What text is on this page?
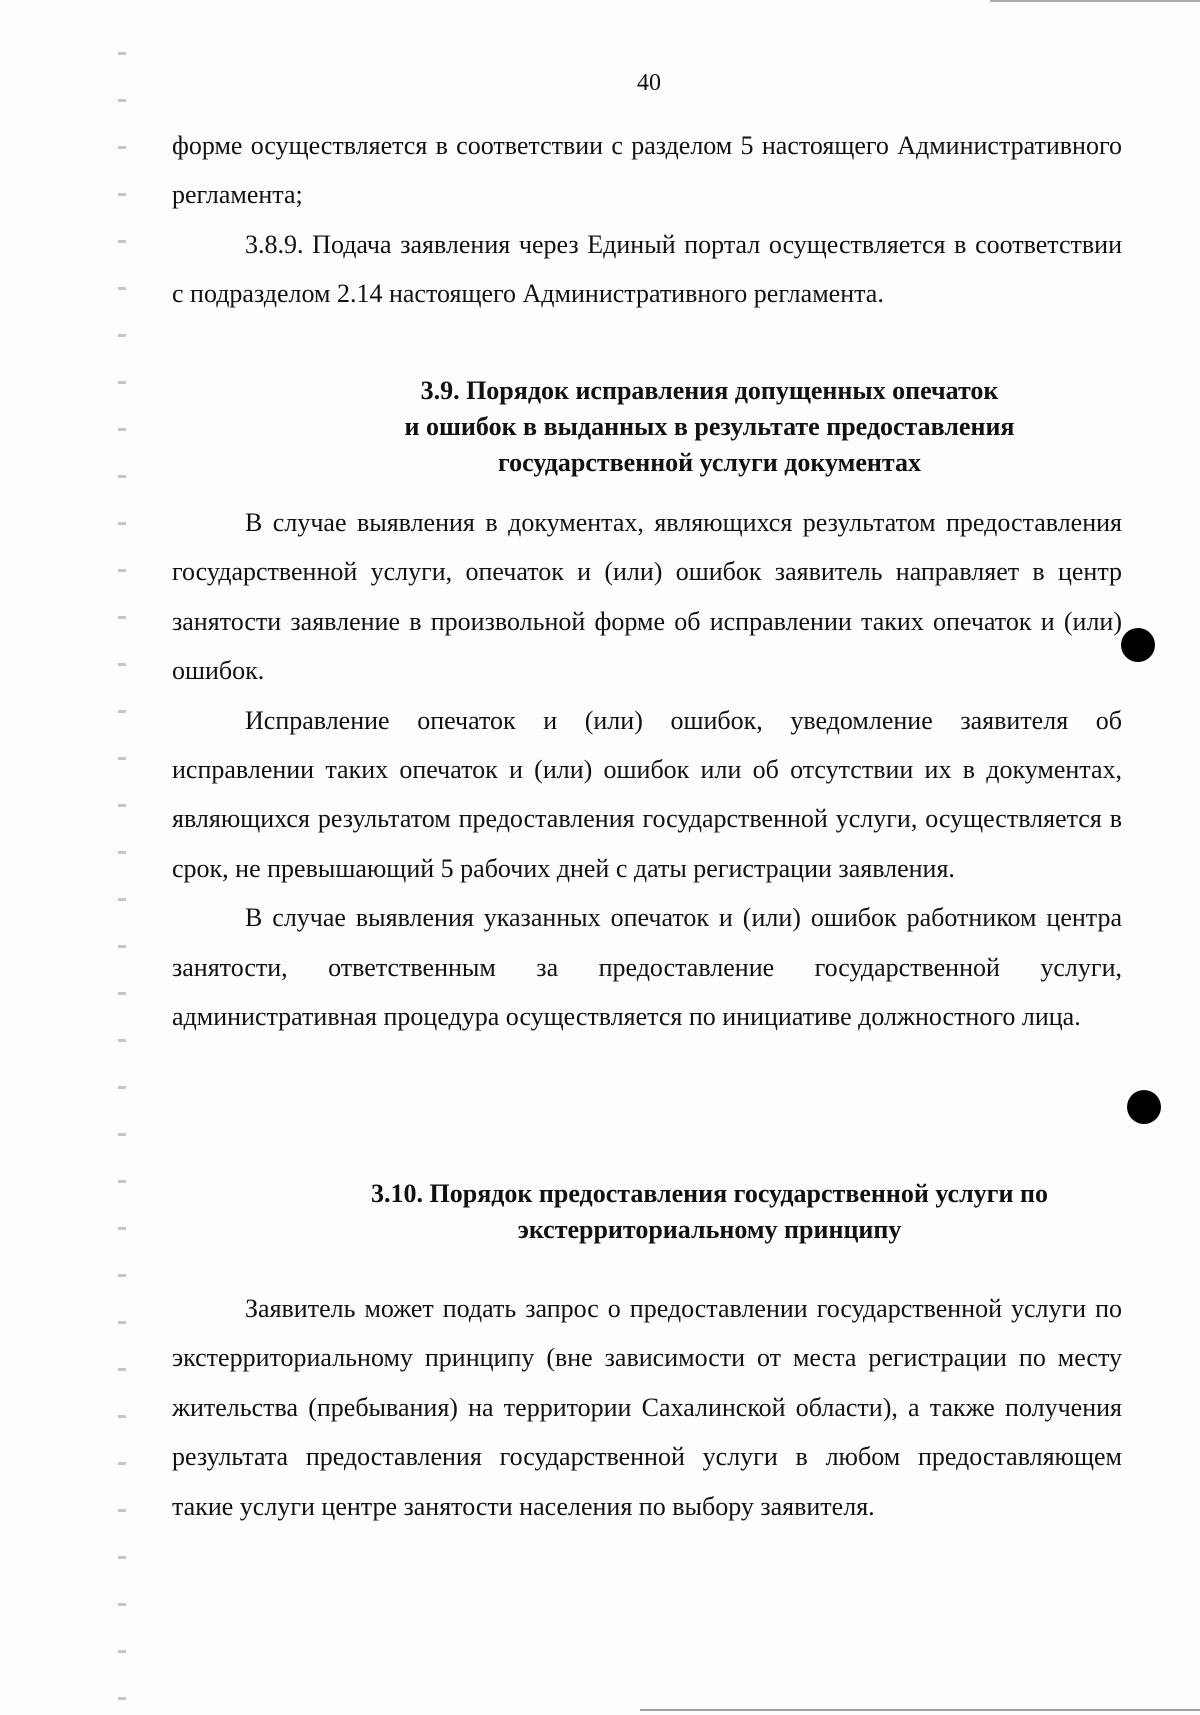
40

форме осуществляется в соответствии с разделом 5 настоящего Административного регламента;

3.8.9. Подача заявления через Единый портал осуществляется в соответствии с подразделом 2.14 настоящего Административного регламента.

3.9. Порядок исправления допущенных опечаток

и ошибок в выданных в результате предоставления

государственной услуги документах

В случае выявления в документах, являющихся результатом предоставления государственной услуги, опечаток и (или) ошибок заявитель направляет в центр занятости заявление в произвольной форме об исправлении таких опечаток и (или) ошибок.

Исправление опечаток и (или) ошибок, уведомление заявителя об исправлении таких опечаток и (или) ошибок или об отсутствии их в документах, являющихся результатом предоставления государственной услуги, осуществляется в срок, не превышающий 5 рабочих дней с даты регистрации заявления.

В случае выявления указанных опечаток и (или) ошибок работником центра занятости, ответственным за предоставление государственной услуги, административная процедура осуществляется по инициативе должностного лица.

3.10. Порядок предоставления государственной услуги по

экстерриториальному принципу

Заявитель может подать запрос о предоставлении государственной услуги по экстерриториальному принципу (вне зависимости от места регистрации по месту жительства (пребывания) на территории Сахалинской области), а также получения результата предоставления государственной услуги в любом предоставляющем такие услуги центре занятости населения по выбору заявителя.
